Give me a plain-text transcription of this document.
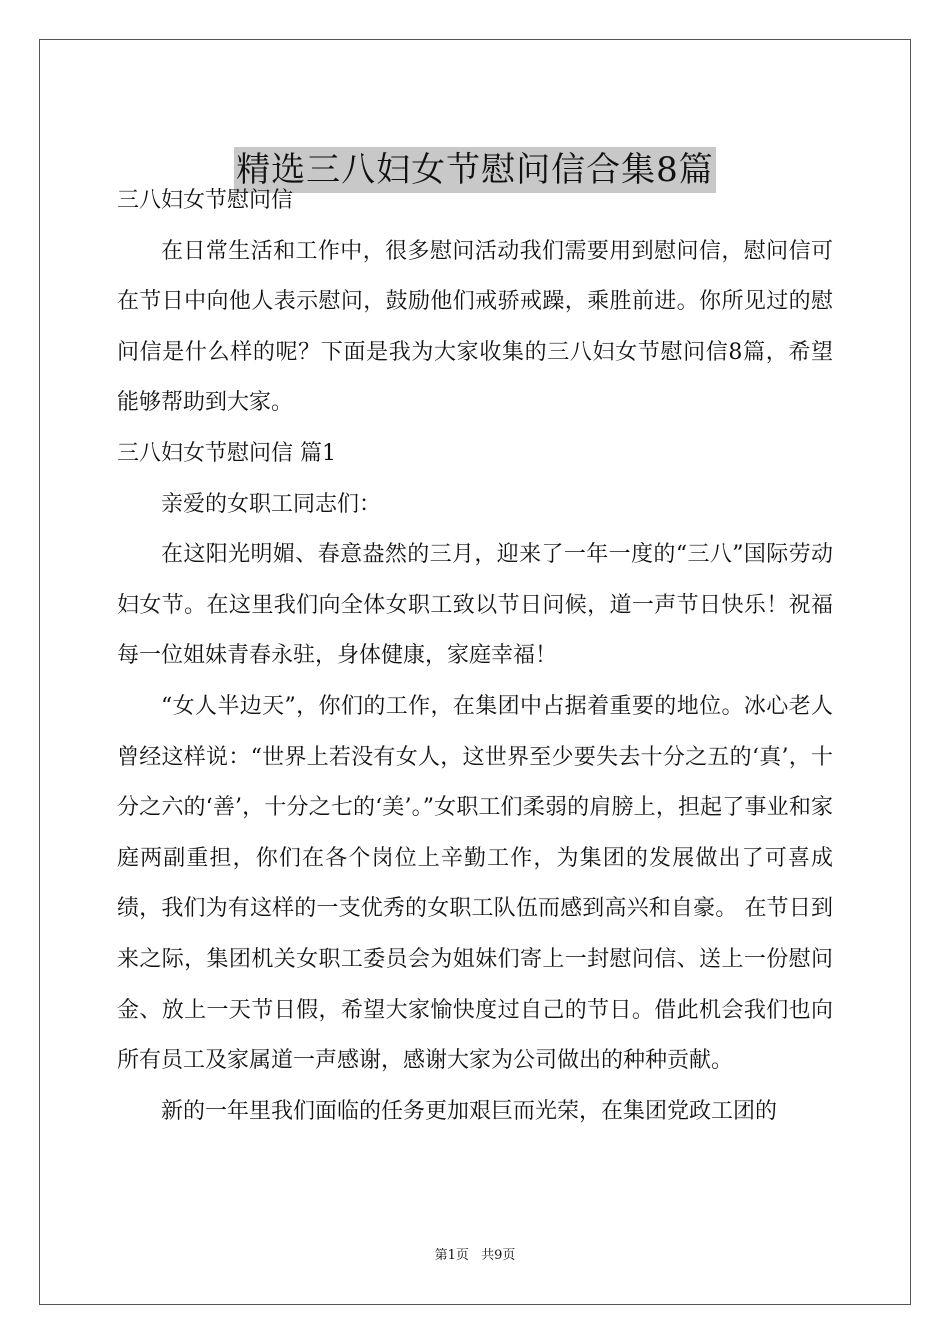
精选三八妇女节慰问信合集8篇

三八妇女节慰问信

在日常生活和工作中，很多慰问活动我们需要用到慰问信，慰问信可在节日中向他人表示慰问，鼓励他们戒骄戒躁，乘胜前进。你所见过的慰问信是什么样的呢？下面是我为大家收集的三八妇女节慰问信8篇，希望能够帮助到大家。

三八妇女节慰问信 篇1

亲爱的女职工同志们：

在这阳光明媚、春意盎然的三月，迎来了一年一度的“三八”国际劳动妇女节。在这里我们向全体女职工致以节日问候，道一声节日快乐！祝福每一位姐妹青春永驻，身体健康，家庭幸福！

“女人半边天”，你们的工作，在集团中占据着重要的地位。冰心老人曾经这样说：“世界上若没有女人，这世界至少要失去十分之五的‘真’，十分之六的‘善’，十分之七的‘美’。”女职工们柔弱的肩膀上，担起了事业和家庭两副重担，你们在各个岗位上辛勤工作，为集团的发展做出了可喜成绩，我们为有这样的一支优秀的女职工队伍而感到高兴和自豪。 在节日到来之际，集团机关女职工委员会为姐妹们寄上一封慰问信、送上一份慰问金、放上一天节日假，希望大家愉快度过自己的节日。借此机会我们也向所有员工及家属道一声感谢，感谢大家为公司做出的种种贡献。

新的一年里我们面临的任务更加艰巨而光荣，在集团党政工团的

第1页 共9页
